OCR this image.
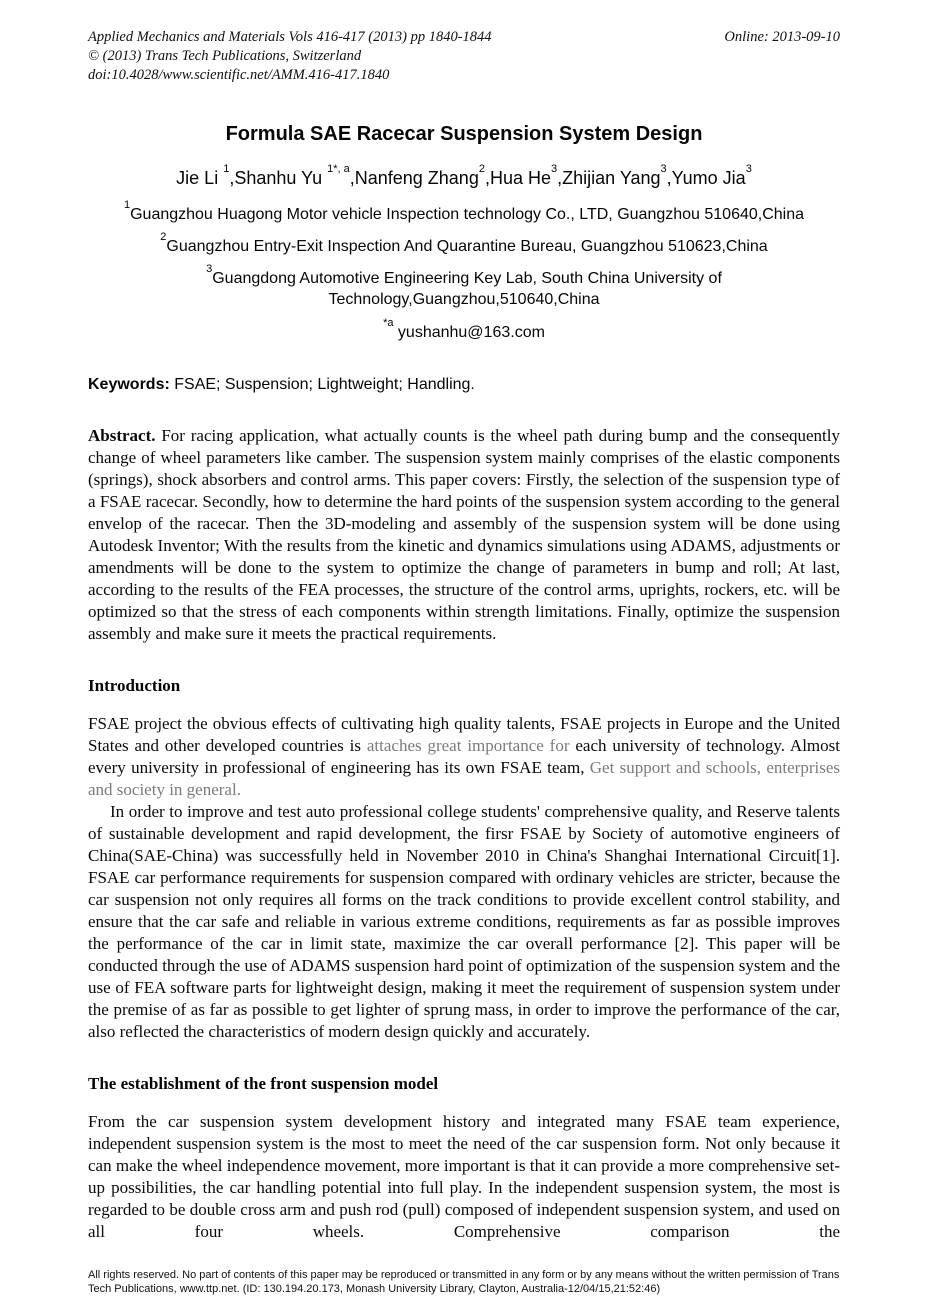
Applied Mechanics and Materials Vols 416-417 (2013) pp 1840-1844
© (2013) Trans Tech Publications, Switzerland
doi:10.4028/www.scientific.net/AMM.416-417.1840
Online: 2013-09-10
Formula SAE Racecar Suspension System Design
Jie Li $^1$,Shanhu Yu $^{1*, a}$,Nanfeng Zhang$^2$,Hua He$^3$,Zhijian Yang$^3$,Yumo Jia$^3$
$^1$Guangzhou Huagong Motor vehicle Inspection technology Co., LTD, Guangzhou 510640,China
$^2$Guangzhou Entry-Exit Inspection And Quarantine Bureau, Guangzhou 510623,China
$^3$Guangdong Automotive Engineering Key Lab, South China University of
Technology,Guangzhou,510640,China
$^{*a}$ yushanhu@163.com
Keywords: FSAE; Suspension; Lightweight; Handling.

Abstract. For racing application, what actually counts is the wheel path during bump and the consequently change of wheel parameters like camber. The suspension system mainly comprises of the elastic components (springs), shock absorbers and control arms. This paper covers: Firstly, the selection of the suspension type of a FSAE racecar. Secondly, how to determine the hard points of the suspension system according to the general envelop of the racecar. Then the 3D-modeling and assembly of the suspension system will be done using Autodesk Inventor; With the results from the kinetic and dynamics simulations using ADAMS, adjustments or amendments will be done to the system to optimize the change of parameters in bump and roll; At last, according to the results of the FEA processes, the structure of the control arms, uprights, rockers, etc. will be optimized so that the stress of each components within strength limitations. Finally, optimize the suspension assembly and make sure it meets the practical requirements.

Introduction

FSAE project the obvious effects of cultivating high quality talents, FSAE projects in Europe and the United States and other developed countries is attaches great importance for each university of technology. Almost every university in professional of engineering has its own FSAE team, Get support and schools, enterprises and society in general.

In order to improve and test auto professional college students' comprehensive quality, and Reserve talents of sustainable development and rapid development, the firsr FSAE by Society of automotive engineers of China(SAE-China) was successfully held in November 2010 in China's Shanghai International Circuit[1]. FSAE car performance requirements for suspension compared with ordinary vehicles are stricter, because the car suspension not only requires all forms on the track conditions to provide excellent control stability, and ensure that the car safe and reliable in various extreme conditions, requirements as far as possible improves the performance of the car in limit state, maximize the car overall performance [2]. This paper will be conducted through the use of ADAMS suspension hard point of optimization of the suspension system and the use of FEA software parts for lightweight design, making it meet the requirement of suspension system under the premise of as far as possible to get lighter of sprung mass, in order to improve the performance of the car, also reflected the characteristics of modern design quickly and accurately.

The establishment of the front suspension model

From the car suspension system development history and integrated many FSAE team experience, independent suspension system is the most to meet the need of the car suspension form. Not only because it can make the wheel independence movement, more important is that it can provide a more comprehensive set-up possibilities, the car handling potential into full play. In the independent suspension system, the most is regarded to be double cross arm and push rod (pull) composed of independent suspension system, and used on all four wheels. Comprehensive comparison the

All rights reserved. No part of contents of this paper may be reproduced or transmitted in any form or by any means without the written permission of Trans
Tech Publications, www.ttp.net. (ID: 130.194.20.173, Monash University Library, Clayton, Australia-12/04/15,21:52:46)
